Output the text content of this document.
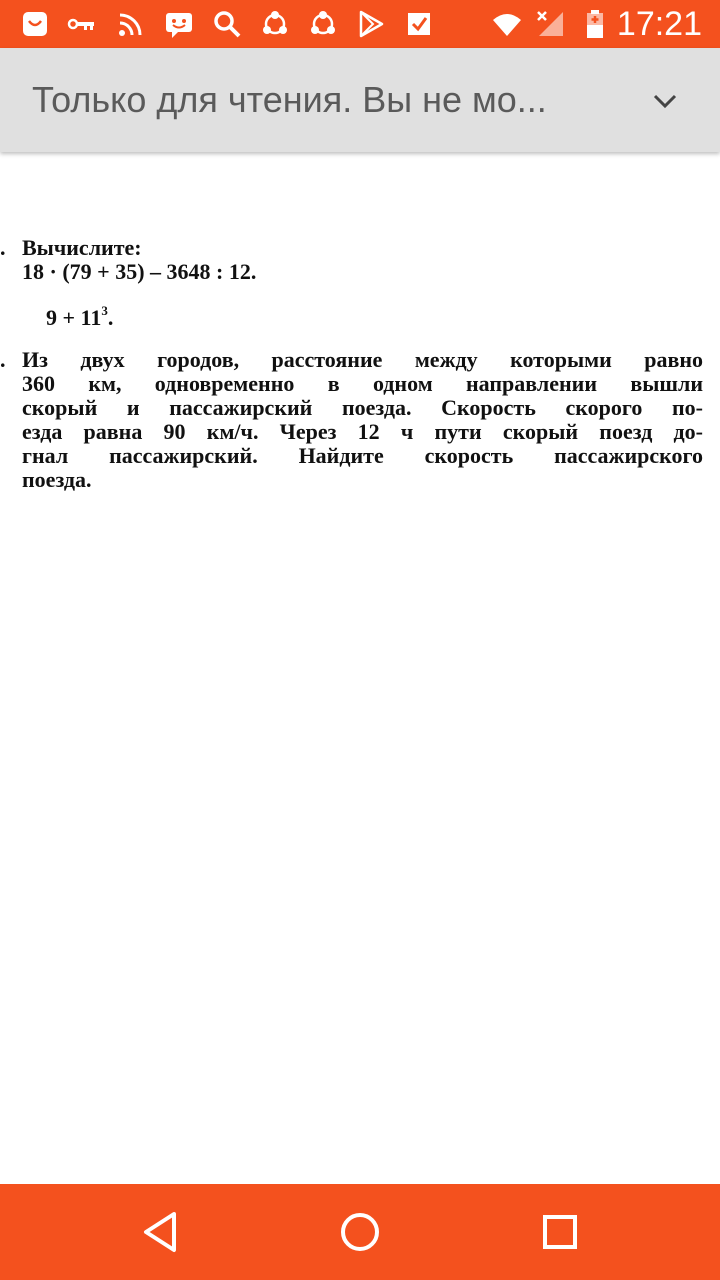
17:21
Только для чтения. Вы не мо...
. Вычислите:
18 · (79 + 35) – 3648 : 12.
$9 + 11^3$.
. Из двух городов, расстояние между которыми равно
360 км, одновременно в одном направлении вышли
скорый и пассажирский поезда. Скорость скорого по-
езда равна 90 км/ч. Через 12 ч пути скорый поезд до-
гнал пассажирский. Найдите скорость пассажирского
поезда.
